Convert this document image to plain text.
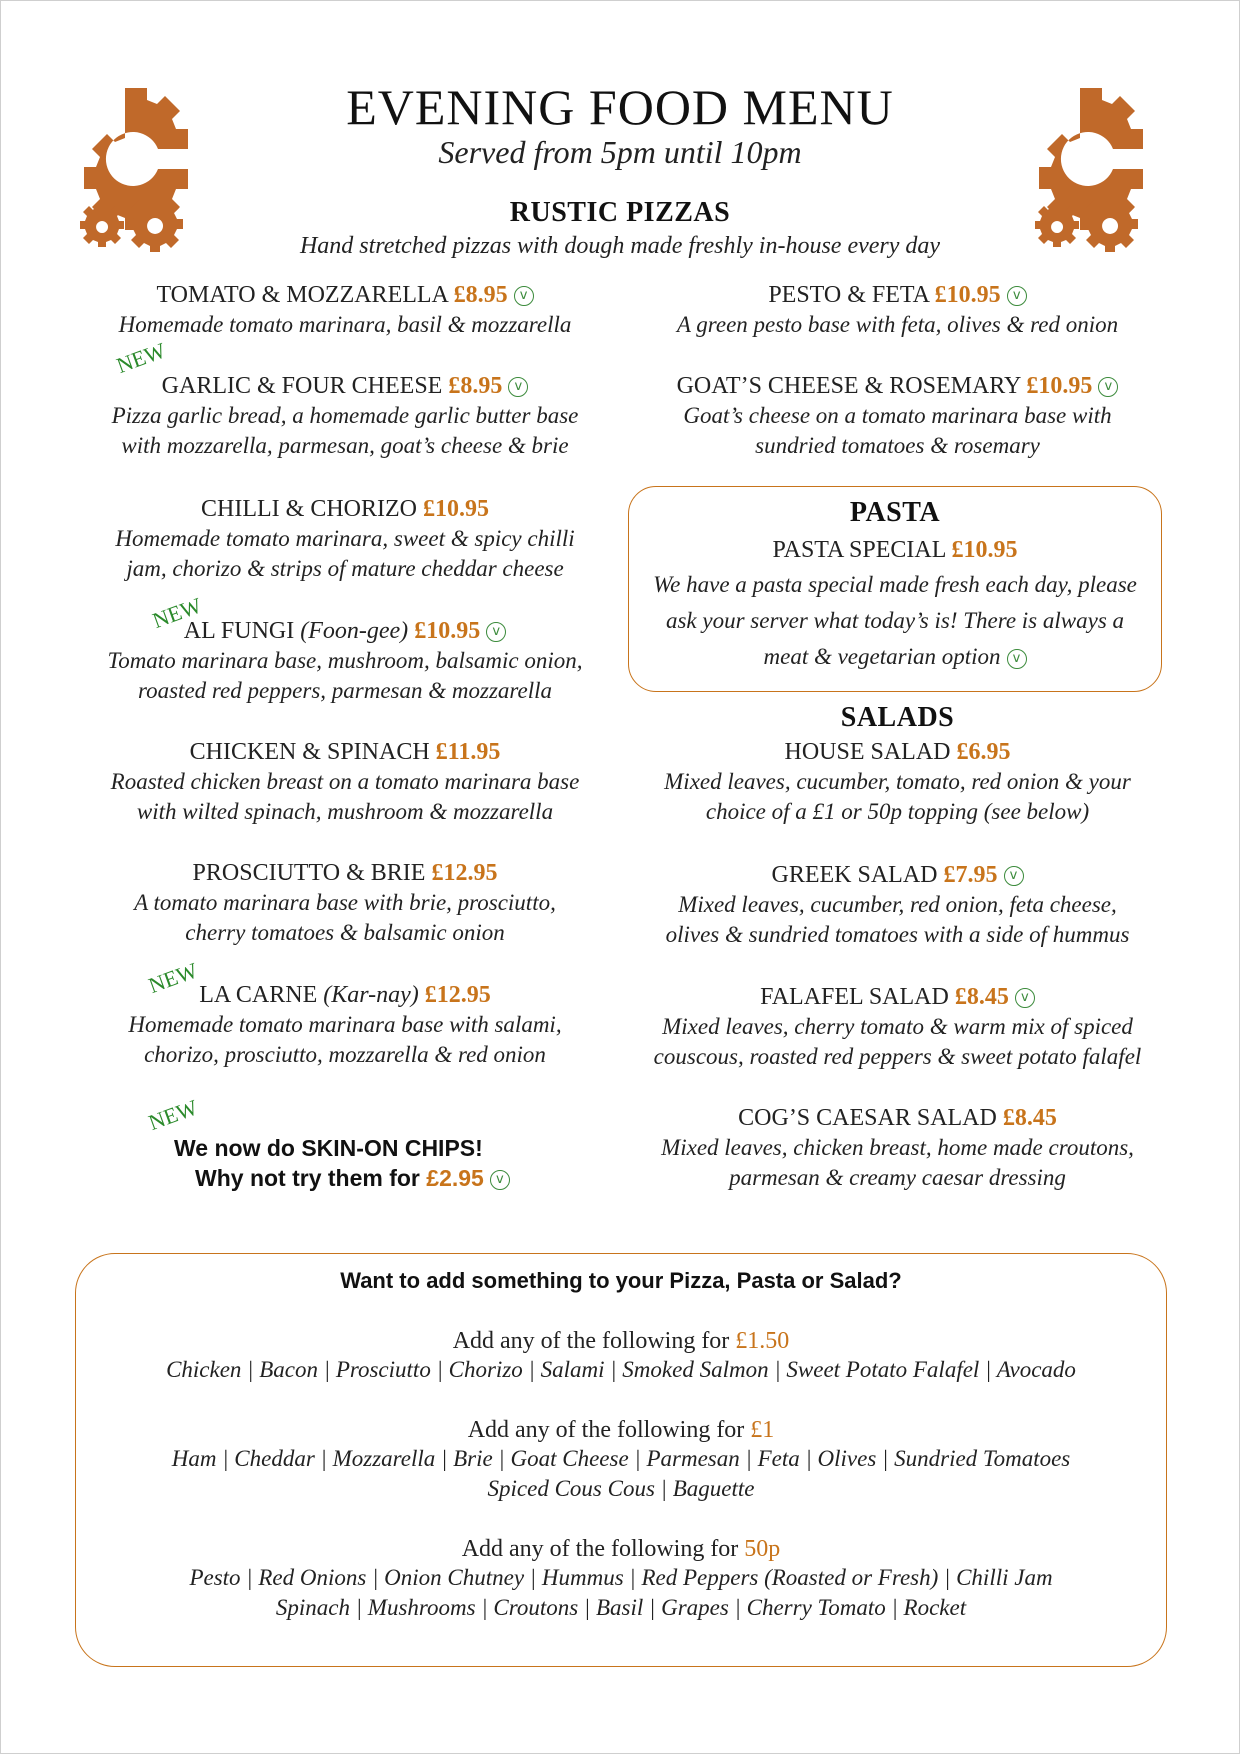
EVENING FOOD MENU
Served from 5pm until 10pm
RUSTIC PIZZAS
Hand stretched pizzas with dough made freshly in-house every day
TOMATO & MOZZARELLA £8.95 v
Homemade tomato marinara, basil & mozzarella
NEW
GARLIC & FOUR CHEESE £8.95 v
Pizza garlic bread, a homemade garlic butter base
with mozzarella, parmesan, goat’s cheese & brie
CHILLI & CHORIZO £10.95
Homemade tomato marinara, sweet & spicy chilli
jam, chorizo & strips of mature cheddar cheese
NEW
AL FUNGI (Foon-gee) £10.95 v
Tomato marinara base, mushroom, balsamic onion,
roasted red peppers, parmesan & mozzarella
CHICKEN & SPINACH £11.95
Roasted chicken breast on a tomato marinara base
with wilted spinach, mushroom & mozzarella
PROSCIUTTO & BRIE £12.95
A tomato marinara base with brie, prosciutto,
cherry tomatoes & balsamic onion
NEW
LA CARNE (Kar-nay) £12.95
Homemade tomato marinara base with salami,
chorizo, prosciutto, mozzarella & red onion
NEW
We now do SKIN-ON CHIPS!
Why not try them for £2.95 v
PESTO & FETA £10.95 v
A green pesto base with feta, olives & red onion
GOAT’S CHEESE & ROSEMARY £10.95 v
Goat’s cheese on a tomato marinara base with
sundried tomatoes & rosemary
PASTA
PASTA SPECIAL £10.95
We have a pasta special made fresh each day, please
ask your server what today’s is! There is always a
meat & vegetarian option v
SALADS
HOUSE SALAD £6.95
Mixed leaves, cucumber, tomato, red onion & your
choice of a £1 or 50p topping (see below)
GREEK SALAD £7.95 v
Mixed leaves, cucumber, red onion, feta cheese,
olives & sundried tomatoes with a side of hummus
FALAFEL SALAD £8.45 v
Mixed leaves, cherry tomato & warm mix of spiced
couscous, roasted red peppers & sweet potato falafel
COG’S CAESAR SALAD £8.45
Mixed leaves, chicken breast, home made croutons,
parmesan & creamy caesar dressing
Want to add something to your Pizza, Pasta or Salad?
Add any of the following for £1.50
Chicken | Bacon | Prosciutto | Chorizo | Salami | Smoked Salmon | Sweet Potato Falafel | Avocado
Add any of the following for £1
Ham | Cheddar | Mozzarella | Brie | Goat Cheese | Parmesan | Feta | Olives | Sundried Tomatoes
Spiced Cous Cous | Baguette
Add any of the following for 50p
Pesto | Red Onions | Onion Chutney | Hummus | Red Peppers (Roasted or Fresh) | Chilli Jam
Spinach | Mushrooms | Croutons | Basil | Grapes | Cherry Tomato | Rocket
